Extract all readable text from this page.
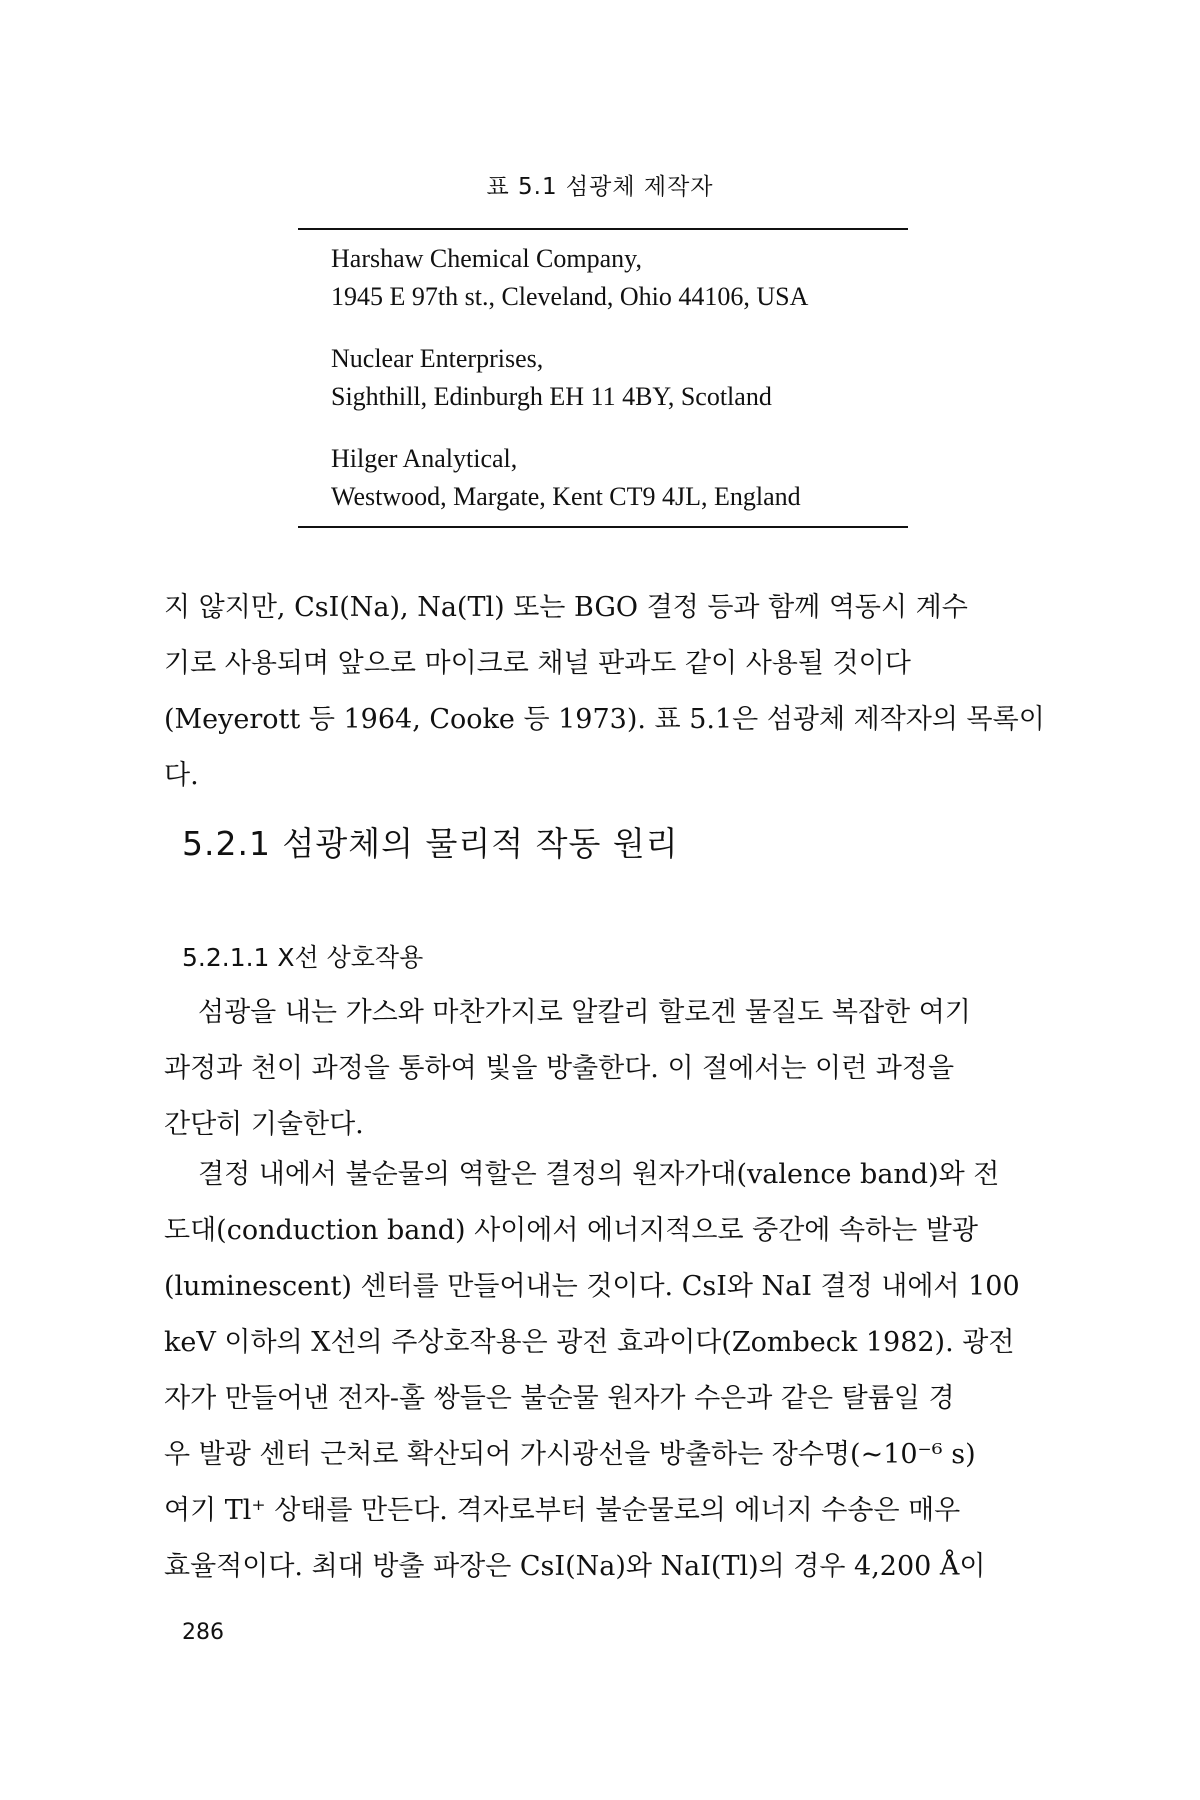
표 5.1 섬광체 제작자
Harshaw Chemical Company,
1945 E 97th st., Cleveland, Ohio 44106, USA
Nuclear Enterprises,
Sighthill, Edinburgh EH 11 4BY, Scotland
Hilger Analytical,
Westwood, Margate, Kent CT9 4JL, England
지 않지만, CsI(Na), Na(Tl) 또는 BGO 결정 등과 함께 역동시 계수
기로 사용되며 앞으로 마이크로 채널 판과도 같이 사용될 것이다
(Meyerott 등 1964, Cooke 등 1973). 표 5.1은 섬광체 제작자의 목록이
다.
5.2.1 섬광체의 물리적 작동 원리
5.2.1.1 X선 상호작용
섬광을 내는 가스와 마찬가지로 알칼리 할로겐 물질도 복잡한 여기
과정과 천이 과정을 통하여 빛을 방출한다. 이 절에서는 이런 과정을
간단히 기술한다.
결정 내에서 불순물의 역할은 결정의 원자가대(valence band)와 전
도대(conduction band) 사이에서 에너지적으로 중간에 속하는 발광
(luminescent) 센터를 만들어내는 것이다. CsI와 NaI 결정 내에서 100
keV 이하의 X선의 주상호작용은 광전 효과이다(Zombeck 1982). 광전
자가 만들어낸 전자-홀 쌍들은 불순물 원자가 수은과 같은 탈륨일 경
우 발광 센터 근처로 확산되어 가시광선을 방출하는 장수명(~10⁻⁶ s)
여기 Tl⁺ 상태를 만든다. 격자로부터 불순물로의 에너지 수송은 매우
효율적이다. 최대 방출 파장은 CsI(Na)와 NaI(Tl)의 경우 4,200 Å이
286
